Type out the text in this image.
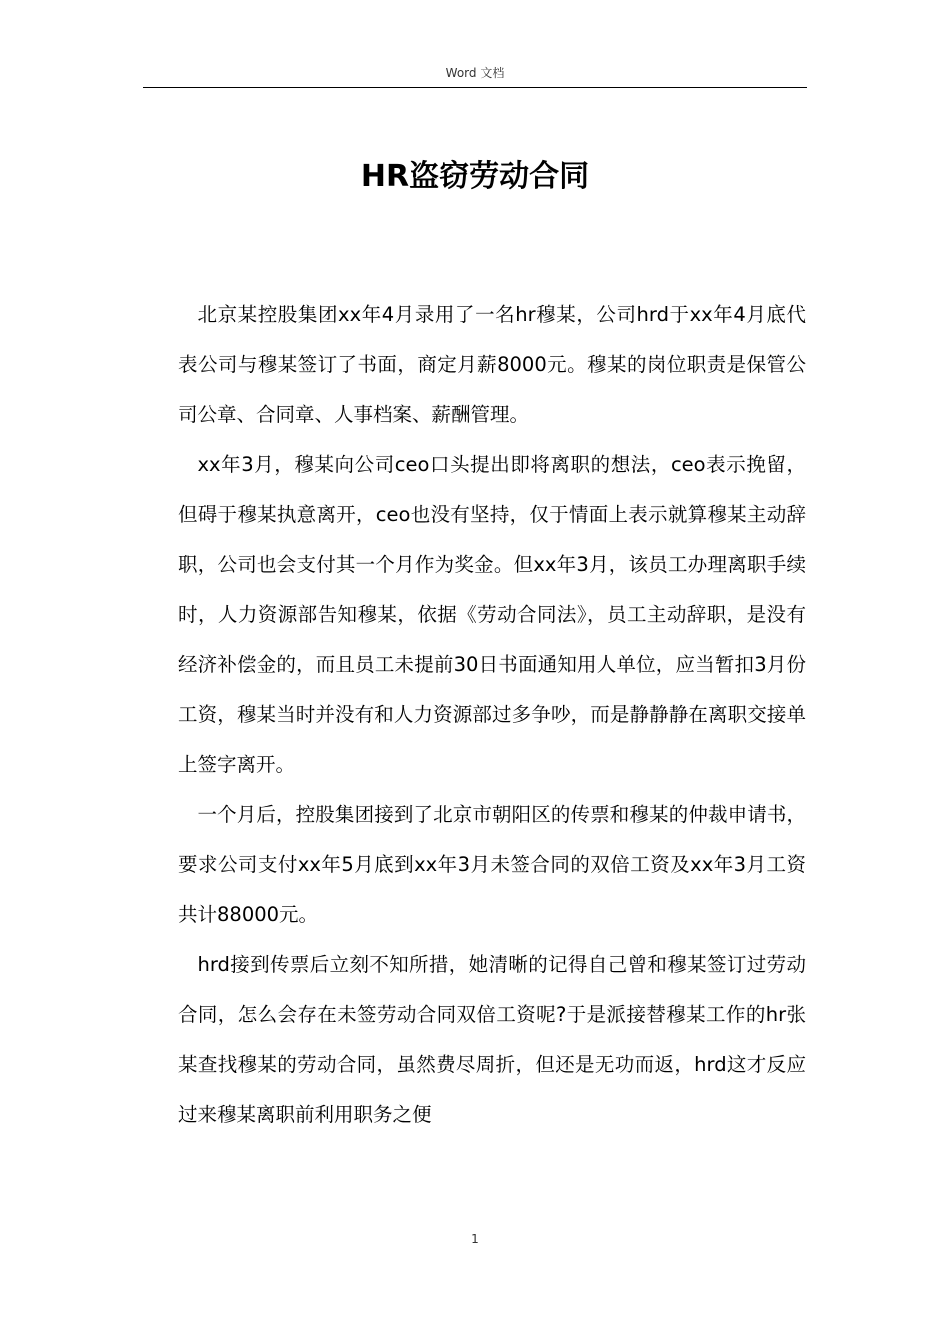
Word 文档
HR盗窃劳动合同

北京某控股集团xx年4月录用了一名hr穆某，公司hrd于xx年4月底代表公司与穆某签订了书面，商定月薪8000元。穆某的岗位职责是保管公司公章、合同章、人事档案、薪酬管理。

xx年3月，穆某向公司ceo口头提出即将离职的想法，ceo表示挽留，但碍于穆某执意离开，ceo也没有坚持，仅于情面上表示就算穆某主动辞职，公司也会支付其一个月作为奖金。但xx年3月，该员工办理离职手续时，人力资源部告知穆某，依据《劳动合同法》，员工主动辞职，是没有经济补偿金的，而且员工未提前30日书面通知用人单位，应当暂扣3月份工资，穆某当时并没有和人力资源部过多争吵，而是静静静在离职交接单上签字离开。

一个月后，控股集团接到了北京市朝阳区的传票和穆某的仲裁申请书，要求公司支付xx年5月底到xx年3月未签合同的双倍工资及xx年3月工资共计88000元。

hrd接到传票后立刻不知所措，她清晰的记得自己曾和穆某签订过劳动合同，怎么会存在未签劳动合同双倍工资呢?于是派接替穆某工作的hr张某查找穆某的劳动合同，虽然费尽周折，但还是无功而返，hrd这才反应过来穆某离职前利用职务之便

1
